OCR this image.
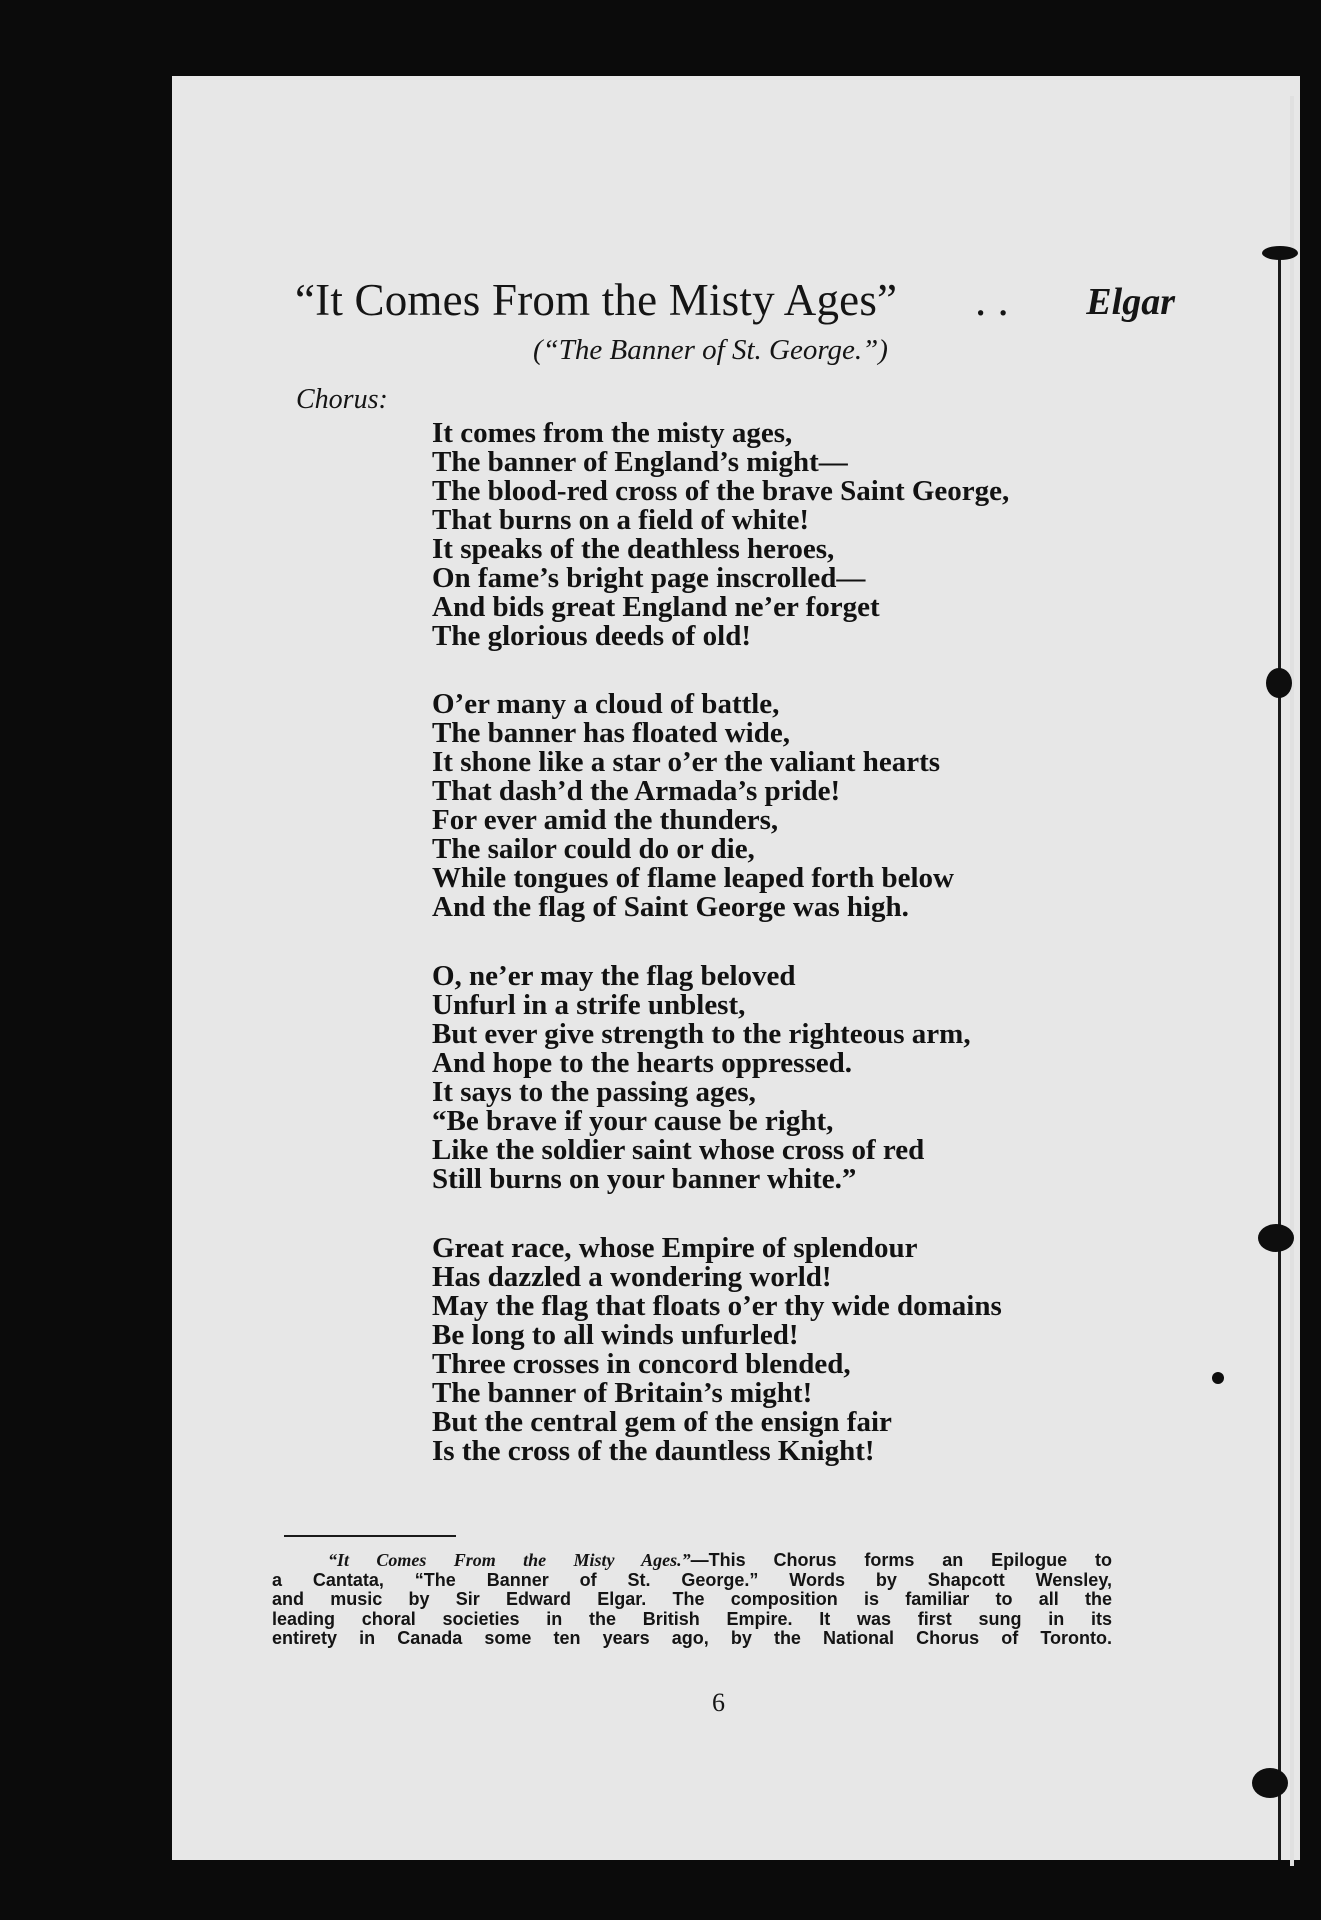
“It Comes From the Misty Ages” . . Elgar
(“The Banner of St. George.”)
Chorus:
It comes from the misty ages,
The banner of England’s might—
The blood-red cross of the brave Saint George,
That burns on a field of white!
It speaks of the deathless heroes,
On fame’s bright page inscrolled—
And bids great England ne’er forget
The glorious deeds of old!
O’er many a cloud of battle,
The banner has floated wide,
It shone like a star o’er the valiant hearts
That dash’d the Armada’s pride!
For ever amid the thunders,
The sailor could do or die,
While tongues of flame leaped forth below
And the flag of Saint George was high.
O, ne’er may the flag beloved
Unfurl in a strife unblest,
But ever give strength to the righteous arm,
And hope to the hearts oppressed.
It says to the passing ages,
“Be brave if your cause be right,
Like the soldier saint whose cross of red
Still burns on your banner white.”
Great race, whose Empire of splendour
Has dazzled a wondering world!
May the flag that floats o’er thy wide domains
Be long to all winds unfurled!
Three crosses in concord blended,
The banner of Britain’s might!
But the central gem of the ensign fair
Is the cross of the dauntless Knight!
“It Comes From the Misty Ages.”—This Chorus forms an Epilogue to
a Cantata, “The Banner of St. George.” Words by Shapcott Wensley,
and music by Sir Edward Elgar. The composition is familiar to all the
leading choral societies in the British Empire. It was first sung in its
entirety in Canada some ten years ago, by the National Chorus of Toronto.
6
